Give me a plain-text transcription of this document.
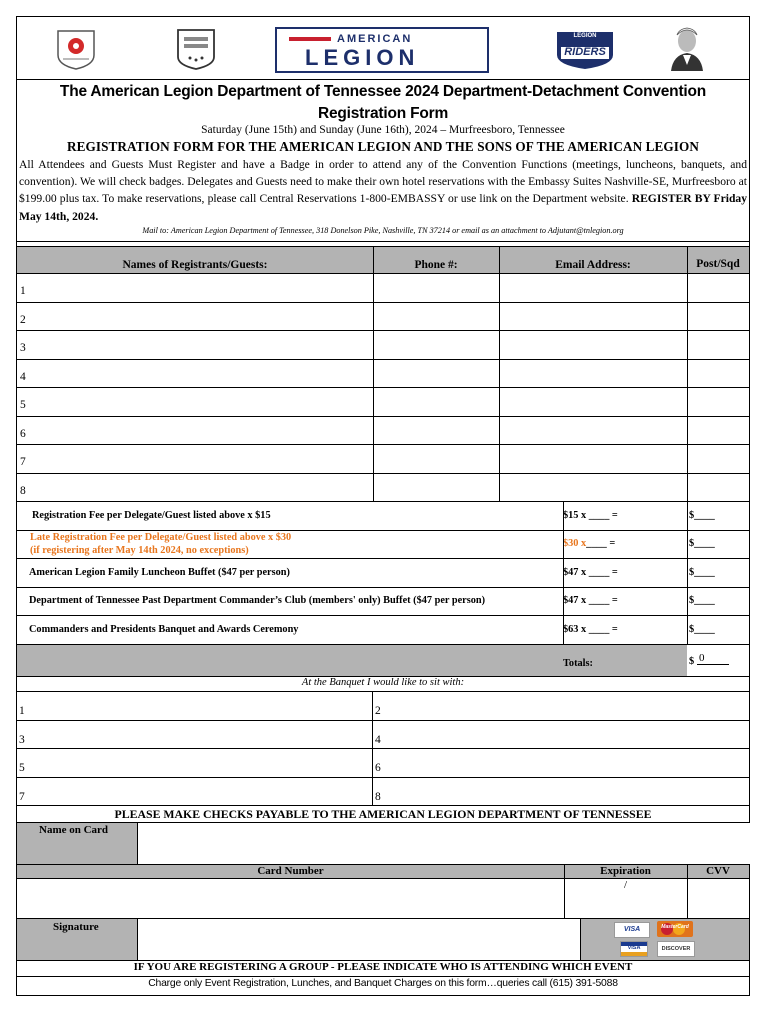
AMERICAN
LEGION
LEGION
RIDERS
The American Legion Department of Tennessee 2024 Department-Detachment Convention
Registration Form
Saturday (June 15th) and Sunday (June 16th), 2024 – Murfreesboro, Tennessee
REGISTRATION FORM FOR THE AMERICAN LEGION AND THE SONS OF THE AMERICAN LEGION
All Attendees and Guests Must Register and have a Badge in order to attend any of the Convention Functions (meetings, luncheons, banquets, and convention). We will check badges. Delegates and Guests need to make their own hotel reservations with the Embassy Suites Nashville-SE, Murfreesboro at $199.00 plus tax. To make reservations, please call Central Reservations 1-800-EMBASSY or use link on the Department website. REGISTER BY Friday May 14th, 2024.
Mail to: American Legion Department of Tennessee, 318 Donelson Pike, Nashville, TN 37214 or email as an attachment to Adjutant@tnlegion.org
Names of Registrants/Guests:	Phone #:	Email Address:	Post/Sqd
1
2
3
4
5
6
7
8
Registration Fee per Delegate/Guest listed above x $15	$15 x ____ =	$____
Late Registration Fee per Delegate/Guest listed above x $30
(if registering after May 14th 2024, no exceptions)
$30 x____ =	$____
American Legion Family Luncheon Buffet ($47 per person)	$47 x ____ =	$____
Department of Tennessee Past Department Commander’s Club (members' only) Buffet ($47 per person)	$47 x ____ =	$____
Commanders and Presidents Banquet and Awards Ceremony	$63 x ____ =	$____
Totals:	$ 0
At the Banquet I would like to sit with:
1	2
3	4
5	6
7	8
PLEASE MAKE CHECKS PAYABLE TO THE AMERICAN LEGION DEPARTMENT OF TENNESSEE
Name on Card
Card Number	Expiration	CVV
/
Signature	VISA	MasterCard
VISA	DISCOVER
IF YOU ARE REGISTERING A GROUP - PLEASE INDICATE WHO IS ATTENDING WHICH EVENT
Charge only Event Registration, Lunches, and Banquet Charges on this form…queries call (615) 391-5088
